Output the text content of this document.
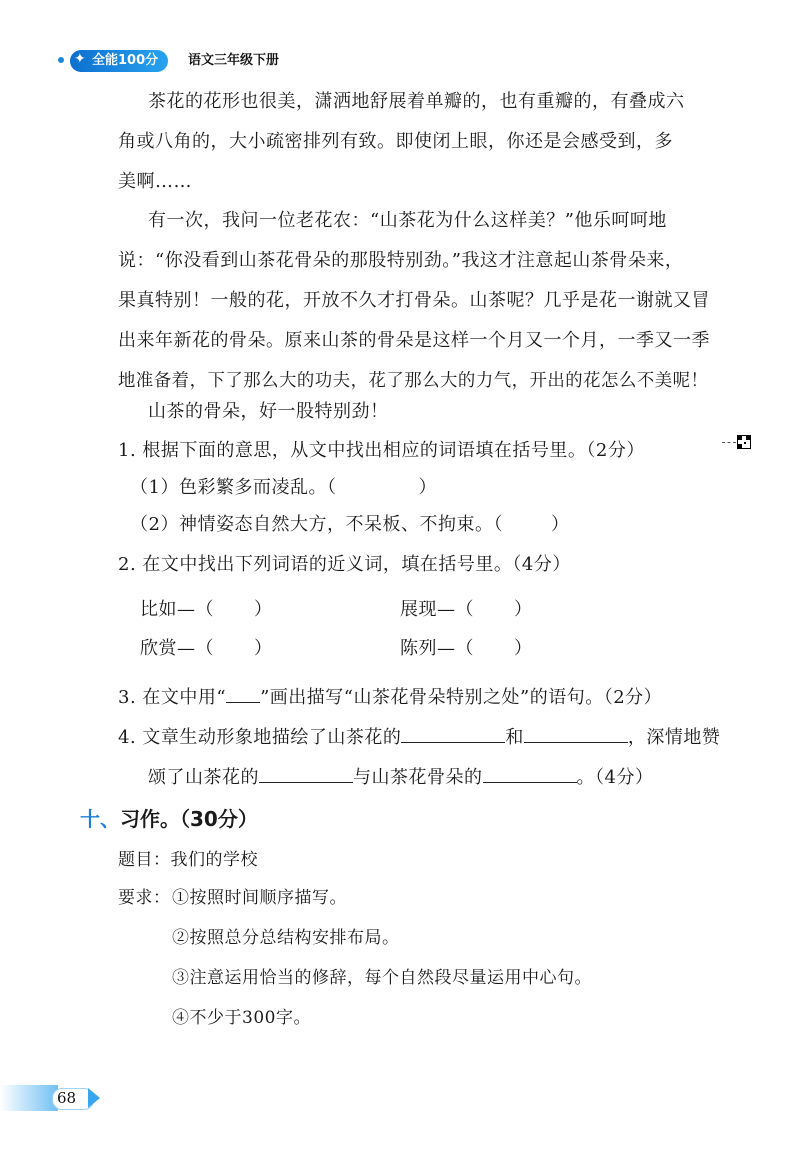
✦ 全能100分	语文三年级下册
茶花的花形也很美，潇洒地舒展着单瓣的，也有重瓣的，有叠成六
角或八角的，大小疏密排列有致。即使闭上眼，你还是会感受到，多
美啊……
有一次，我问一位老花农：“山茶花为什么这样美？”他乐呵呵地
说：“你没看到山茶花骨朵的那股特别劲。”我这才注意起山茶骨朵来，
果真特别！一般的花，开放不久才打骨朵。山茶呢？几乎是花一谢就又冒
出来年新花的骨朵。原来山茶的骨朵是这样一个月又一个月，一季又一季
地准备着，下了那么大的功夫，花了那么大的力气，开出的花怎么不美呢！
山茶的骨朵，好一股特别劲！
1. 根据下面的意思，从文中找出相应的词语填在括号里。（2分）
（1）色彩繁多而凌乱。（	）
（2）神情姿态自然大方，不呆板、不拘束。（	）
2. 在文中找出下列词语的近义词，填在括号里。（4分）
比如—（ ）	展现—（ ）
欣赏—（ ）	陈列—（ ）
3. 在文中用“ ”画出描写“山茶花骨朵特别之处”的语句。（2分）
4. 文章生动形象地描绘了山茶花的	和	，深情地赞
颂了山茶花的	与山茶花骨朵的	。（4分）
十、习作。（30分）
题目：我们的学校
要求： ①按照时间顺序描写。
②按照总分总结构安排布局。
③注意运用恰当的修辞，每个自然段尽量运用中心句。
④不少于300字。
68
